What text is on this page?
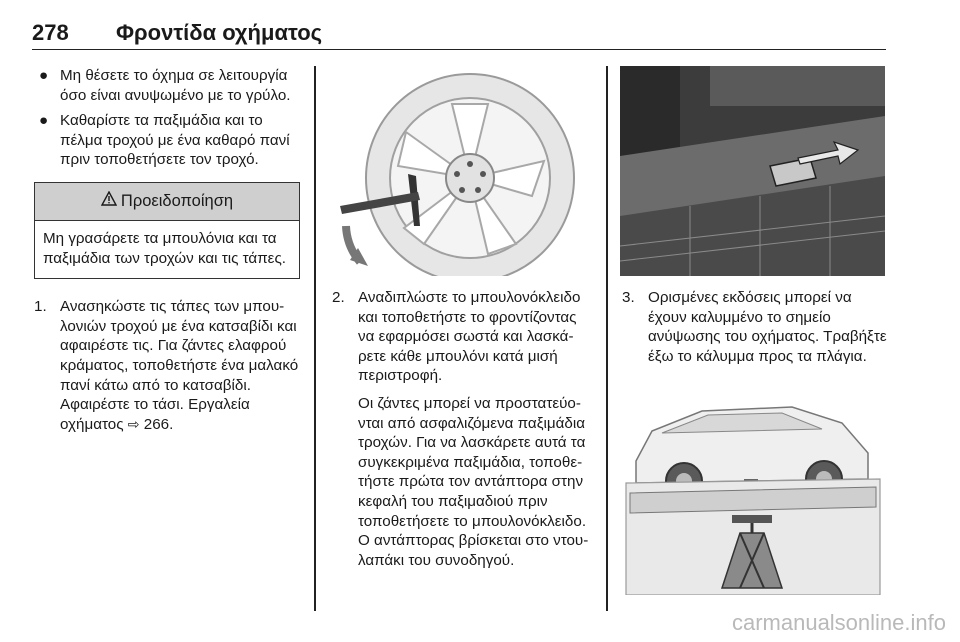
278 Φροντίδα οχήματος
● Μη θέσετε το όχημα σε λειτουργία όσο είναι ανυψωμένο με το γρύλο.
● Καθαρίστε τα παξιμάδια και το πέλμα τροχού με ένα καθαρό πανί πριν τοποθετήσετε τον τροχό.
Προειδοποίηση
Μη γρασάρετε τα μπουλόνια και τα παξιμάδια των τροχών και τις τάπες.
1. Ανασηκώστε τις τάπες των μπουλονιών τροχού με ένα κατσαβίδι και αφαιρέστε τις. Για ζάντες ελαφρού κράματος, τοποθετήστε ένα μαλακό πανί κάτω από το κατσαβίδι. Αφαιρέστε το τάσι. Εργαλεία οχήματος ⇨ 266.
2. Αναδιπλώστε το μπουλονόκλειδο και τοποθετήστε το φροντίζοντας να εφαρμόσει σωστά και λασκάρετε κάθε μπουλόνι κατά μισή περιστροφή.
Οι ζάντες μπορεί να προστατεύονται από ασφαλιζόμενα παξιμάδια τροχών. Για να λασκάρετε αυτά τα συγκεκριμένα παξιμάδια, τοποθετήστε πρώτα τον αντάπτορα στην κεφαλή του παξιμαδιού πριν τοποθετήσετε το μπουλονόκλειδο. Ο αντάπτορας βρίσκεται στο ντουλαπάκι του συνοδηγού.
3. Ορισμένες εκδόσεις μπορεί να έχουν καλυμμένο το σημείο ανύψωσης του οχήματος. Τραβήξτε έξω το κάλυμμα προς τα πλάγια.
carmanualsonline.info
